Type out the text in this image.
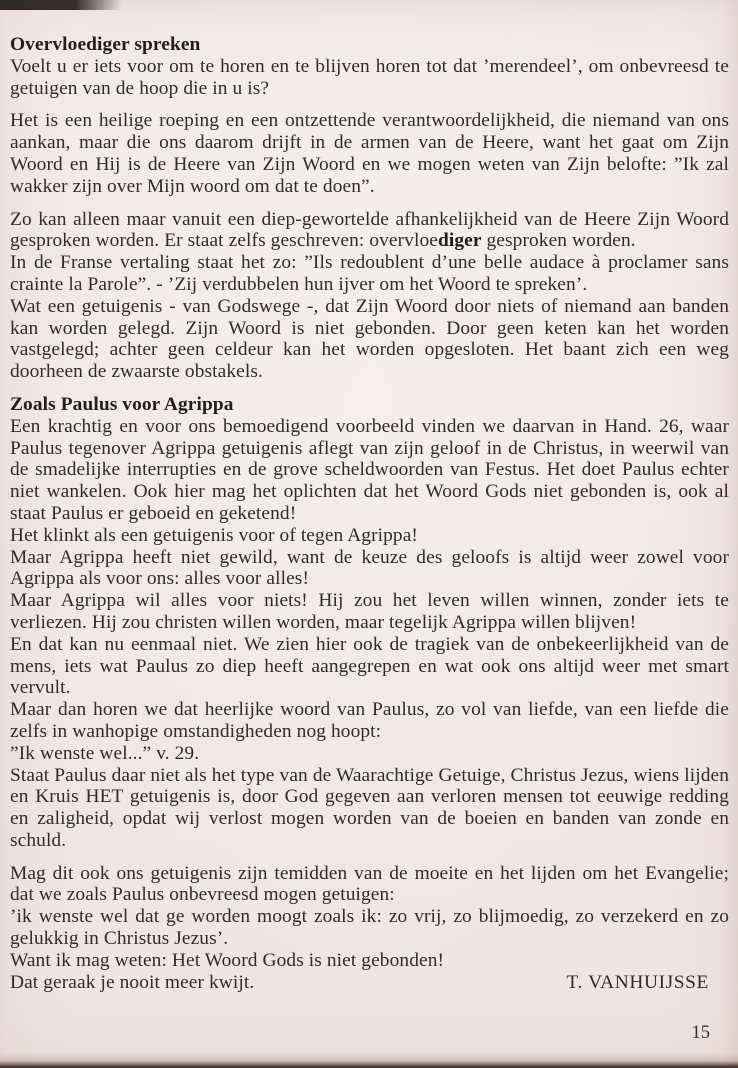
Overvloediger spreken

Voelt u er iets voor om te horen en te blijven horen tot dat ’merendeel’, om onbevreesd te getuigen van de hoop die in u is?

Het is een heilige roeping en een ontzettende verantwoordelijkheid, die niemand van ons aankan, maar die ons daarom drijft in de armen van de Heere, want het gaat om Zijn Woord en Hij is de Heere van Zijn Woord en we mogen weten van Zijn belofte: ”Ik zal wakker zijn over Mijn woord om dat te doen”.

Zo kan alleen maar vanuit een diep-gewortelde afhankelijkheid van de Heere Zijn Woord gesproken worden. Er staat zelfs geschreven: overvloediger gesproken worden.

In de Franse vertaling staat het zo: ”Ils redoublent d’une belle audace à proclamer sans crainte la Parole”. - ’Zij verdubbelen hun ijver om het Woord te spreken’.

Wat een getuigenis - van Godswege -, dat Zijn Woord door niets of niemand aan banden kan worden gelegd. Zijn Woord is niet gebonden. Door geen keten kan het worden vastgelegd; achter geen celdeur kan het worden opgesloten. Het baant zich een weg doorheen de zwaarste obstakels.

Zoals Paulus voor Agrippa

Een krachtig en voor ons bemoedigend voorbeeld vinden we daarvan in Hand. 26, waar Paulus tegenover Agrippa getuigenis aflegt van zijn geloof in de Christus, in weerwil van de smadelijke interrupties en de grove scheldwoorden van Festus. Het doet Paulus echter niet wankelen. Ook hier mag het oplichten dat het Woord Gods niet gebonden is, ook al staat Paulus er geboeid en geketend!

Het klinkt als een getuigenis voor of tegen Agrippa!

Maar Agrippa heeft niet gewild, want de keuze des geloofs is altijd weer zowel voor Agrippa als voor ons: alles voor alles!

Maar Agrippa wil alles voor niets! Hij zou het leven willen winnen, zonder iets te verliezen. Hij zou christen willen worden, maar tegelijk Agrippa willen blijven!

En dat kan nu eenmaal niet. We zien hier ook de tragiek van de onbekeerlijkheid van de mens, iets wat Paulus zo diep heeft aangegrepen en wat ook ons altijd weer met smart vervult.

Maar dan horen we dat heerlijke woord van Paulus, zo vol van liefde, van een liefde die zelfs in wanhopige omstandigheden nog hoopt:

”Ik wenste wel...” v. 29.

Staat Paulus daar niet als het type van de Waarachtige Getuige, Christus Jezus, wiens lijden en Kruis HET getuigenis is, door God gegeven aan verloren mensen tot eeuwige redding en zaligheid, opdat wij verlost mogen worden van de boeien en banden van zonde en schuld.

Mag dit ook ons getuigenis zijn temidden van de moeite en het lijden om het Evangelie; dat we zoals Paulus onbevreesd mogen getuigen:

’ik wenste wel dat ge worden moogt zoals ik: zo vrij, zo blijmoedig, zo verzekerd en zo gelukkig in Christus Jezus’.

Want ik mag weten: Het Woord Gods is niet gebonden!

Dat geraak je nooit meer kwijt.	T. VANHUIJSSE
15
